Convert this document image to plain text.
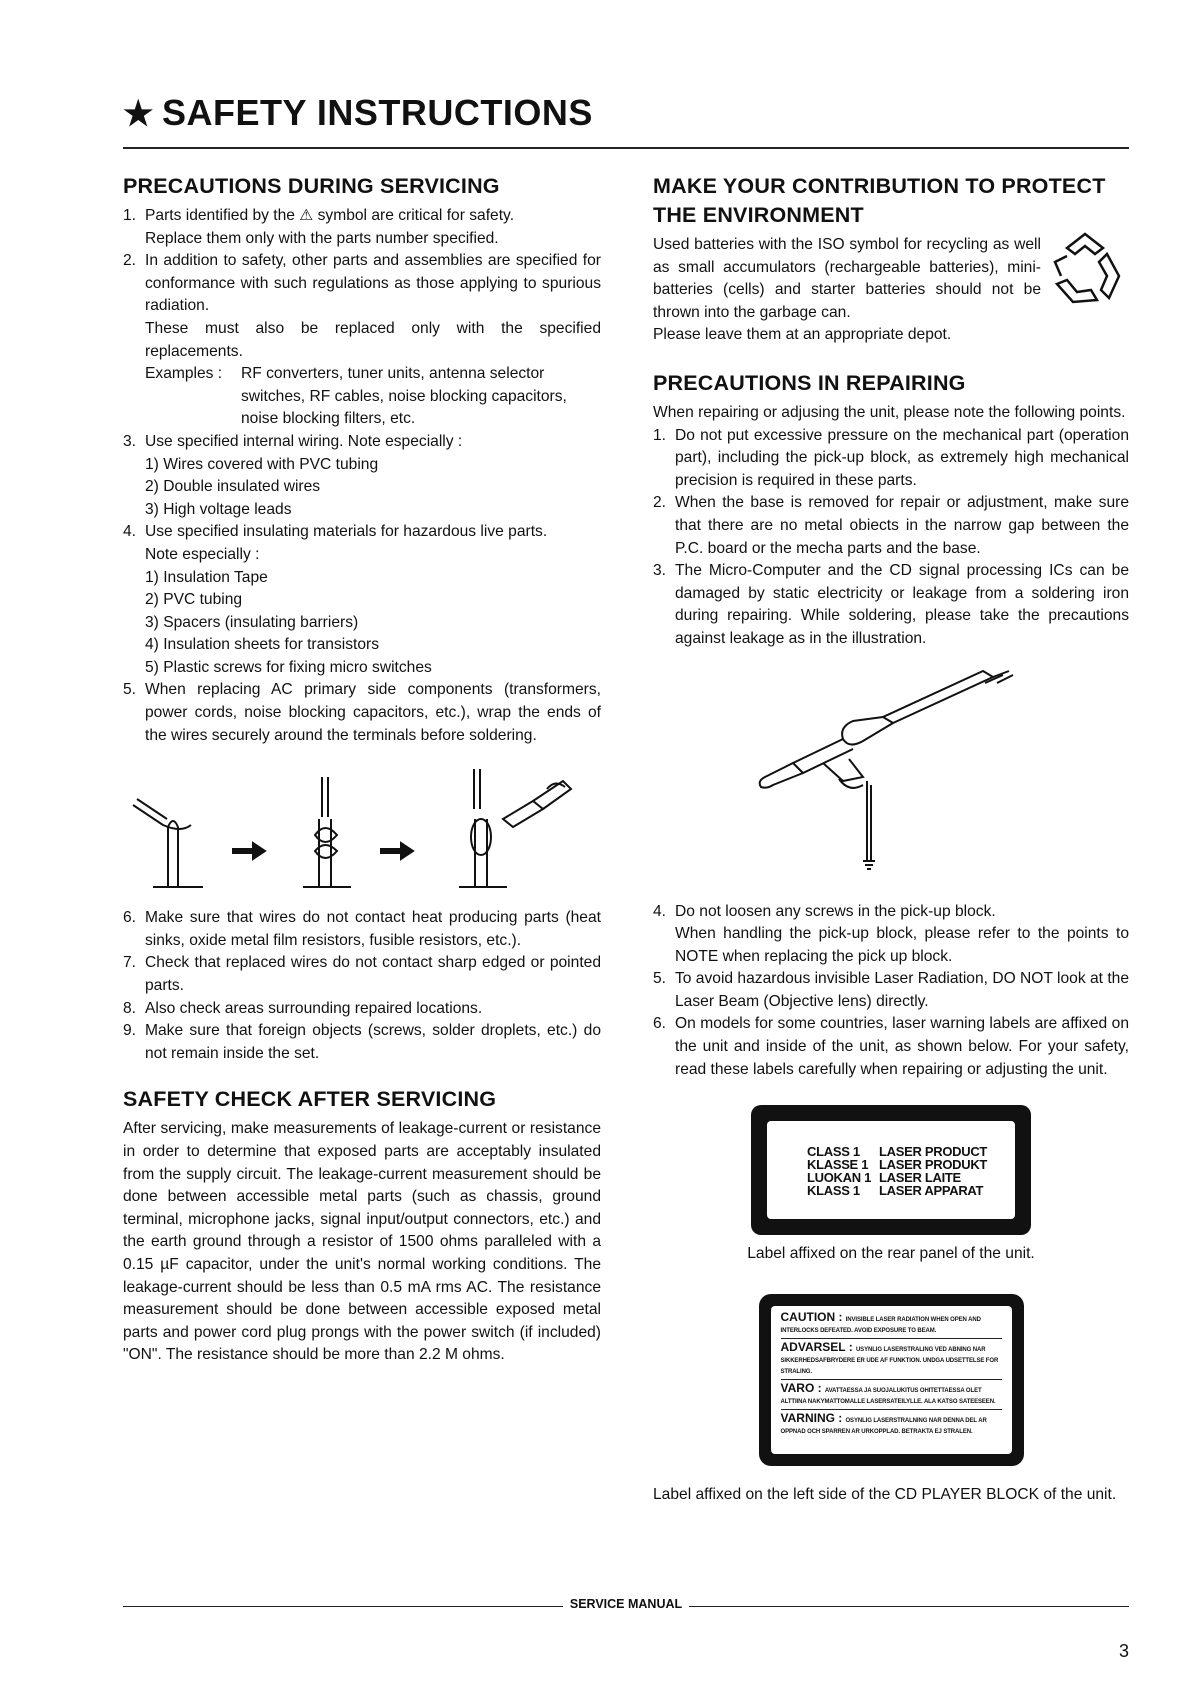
★ SAFETY INSTRUCTIONS
PRECAUTIONS DURING SERVICING
1. Parts identified by the ⚠ symbol are critical for safety.
Replace them only with the parts number specified.
2. In addition to safety, other parts and assemblies are specified for conformance with such regulations as those applying to spurious radiation.
These must also be replaced only with the specified replacements.
Examples :	RF converters, tuner units, antenna selector switches, RF cables, noise blocking capacitors, noise blocking filters, etc.
3. Use specified internal wiring. Note especially :
1) Wires covered with PVC tubing
2) Double insulated wires
3) High voltage leads
4. Use specified insulating materials for hazardous live parts.
Note especially :
1) Insulation Tape
2) PVC tubing
3) Spacers (insulating barriers)
4) Insulation sheets for transistors
5) Plastic screws for fixing micro switches
5. When replacing AC primary side components (transformers, power cords, noise blocking capacitors, etc.), wrap the ends of the wires securely around the terminals before soldering.
6. Make sure that wires do not contact heat producing parts (heat sinks, oxide metal film resistors, fusible resistors, etc.).
7. Check that replaced wires do not contact sharp edged or pointed parts.
8. Also check areas surrounding repaired locations.
9. Make sure that foreign objects (screws, solder droplets, etc.) do not remain inside the set.
SAFETY CHECK AFTER SERVICING

After servicing, make measurements of leakage-current or resistance in order to determine that exposed parts are acceptably insulated from the supply circuit. The leakage-current measurement should be done between accessible metal parts (such as chassis, ground terminal, microphone jacks, signal input/output connectors, etc.) and the earth ground through a resistor of 1500 ohms paralleled with a 0.15 µF capacitor, under the unit's normal working conditions. The leakage-current should be less than 0.5 mA rms AC. The resistance measurement should be done between accessible exposed metal parts and power cord plug prongs with the power switch (if included) "ON". The resistance should be more than 2.2 M ohms.

MAKE YOUR CONTRIBUTION TO PROTECT THE ENVIRONMENT

Used batteries with the ISO symbol for recycling as well as small accumulators (rechargeable batteries), mini-batteries (cells) and starter batteries should not be thrown into the garbage can.

Please leave them at an appropriate depot.

PRECAUTIONS IN REPAIRING

When repairing or adjusing the unit, please note the following points.

1. Do not put excessive pressure on the mechanical part (operation part), including the pick-up block, as extremely high mechanical precision is required in these parts.
2. When the base is removed for repair or adjustment, make sure that there are no metal obiects in the narrow gap between the P.C. board or the mecha parts and the base.
3. The Micro-Computer and the CD signal processing ICs can be damaged by static electricity or leakage from a soldering iron during repairing. While soldering, please take the precautions against leakage as in the illustration.
4. Do not loosen any screws in the pick-up block.
When handling the pick-up block, please refer to the points to NOTE when replacing the pick up block.
5. To avoid hazardous invisible Laser Radiation, DO NOT look at the Laser Beam (Objective lens) directly.
6. On models for some countries, laser warning labels are affixed on the unit and inside of the unit, as shown below. For your safety, read these labels carefully when repairing or adjusting the unit.
CLASS 1 LASER PRODUCT
KLASSE 1 LASER PRODUKT
LUOKAN 1 LASER LAITE
KLASS 1 LASER APPARAT
Label affixed on the rear panel of the unit.
CAUTION : INVISIBLE LASER RADIATION WHEN OPEN AND INTERLOCKS DEFEATED. AVOID EXPOSURE TO BEAM.
ADVARSEL : USYNLIG LASERSTRALING VED ABNING NAR SIKKERHEDSAFBRYDERE ER UDE AF FUNKTION. UNDGA UDSETTELSE FOR STRALING.
VARO : AVATTAESSA JA SUOJALUKITUS OHITETTAESSA OLET ALTTIINA NAKYMATTOMALLE LASERSATEILYLLE. ALA KATSO SATEESEEN.
VARNING : OSYNLIG LASERSTRALNING NAR DENNA DEL AR OPPNAD OCH SPARREN AR URKOPPLAD. BETRAKTA EJ STRALEN.

Label affixed on the left side of the CD PLAYER BLOCK of the unit.

SERVICE MANUAL
3
